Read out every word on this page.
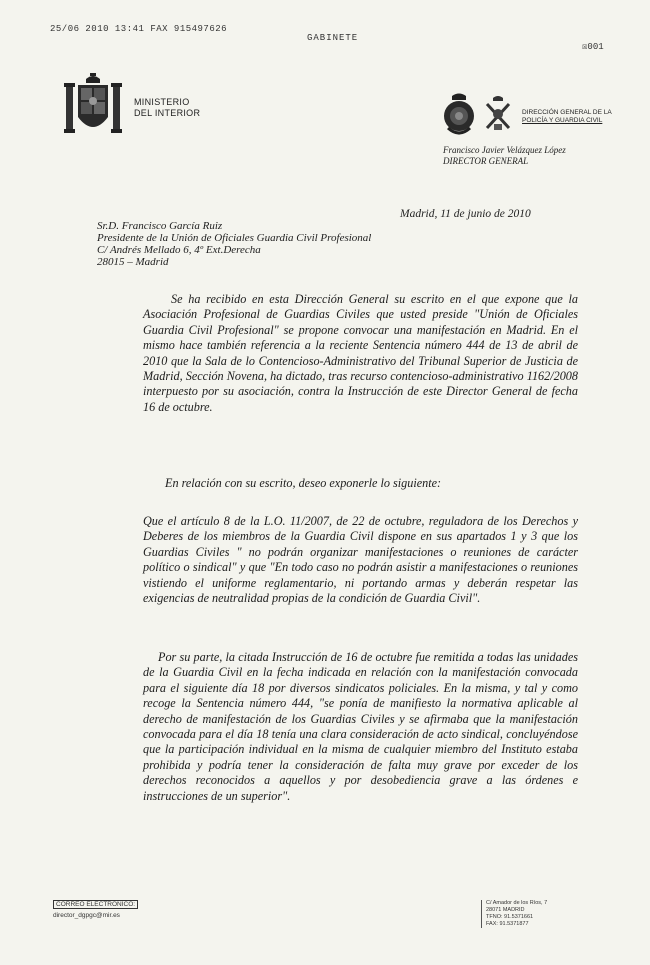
25/06 2010 13:41 FAX 915497626
GABINETE
☒001
MINISTERIO
DEL INTERIOR	DIRECCIÓN GENERAL DE LA
POLICÍA Y GUARDIA CIVIL
Francisco Javier Velázquez López
DIRECTOR GENERAL
Madrid, 11 de junio de 2010
Sr.D. Francisco García Ruiz
Presidente de la Unión de Oficiales Guardia Civil Profesional
C/ Andrés Mellado 6, 4º Ext.Derecha
28015 – Madrid

Se ha recibido en esta Dirección General su escrito en el que expone que la Asociación Profesional de Guardias Civiles que usted preside "Unión de Oficiales Guardia Civil Profesional" se propone convocar una manifestación en Madrid. En el mismo hace también referencia a la reciente Sentencia número 444 de 13 de abril de 2010 que la Sala de lo Contencioso-Administrativo del Tribunal Superior de Justicia de Madrid, Sección Novena, ha dictado, tras recurso contencioso-administrativo 1162/2008 interpuesto por su asociación, contra la Instrucción de este Director General de fecha 16 de octubre.

En relación con su escrito, deseo exponerle lo siguiente:

Que el artículo 8 de la L.O. 11/2007, de 22 de octubre, reguladora de los Derechos y Deberes de los miembros de la Guardia Civil dispone en sus apartados 1 y 3 que los Guardias Civiles " no podrán organizar manifestaciones o reuniones de carácter político o sindical" y que "En todo caso no podrán asistir a manifestaciones o reuniones vistiendo el uniforme reglamentario, ni portando armas y deberán respetar las exigencias de neutralidad propias de la condición de Guardia Civil".

Por su parte, la citada Instrucción de 16 de octubre fue remitida a todas las unidades de la Guardia Civil en la fecha indicada en relación con la manifestación convocada para el siguiente día 18 por diversos sindicatos policiales. En la misma, y tal y como recoge la Sentencia número 444, "se ponía de manifiesto la normativa aplicable al derecho de manifestación de los Guardias Civiles y se afirmaba que la manifestación convocada para el día 18 tenía una clara consideración de acto sindical, concluyéndose que la participación individual en la misma de cualquier miembro del Instituto estaba prohibida y podría tener la consideración de falta muy grave por exceder de los derechos reconocidos a aquellos y por desobediencia grave a las órdenes e instrucciones de un superior".

CORREO ELECTRÓNICO:
director_dgpgc@mir.es
C/ Amador de los Ríos, 7
28071 MADRID
TFNO: 91.5371661
FAX: 91.5371877
